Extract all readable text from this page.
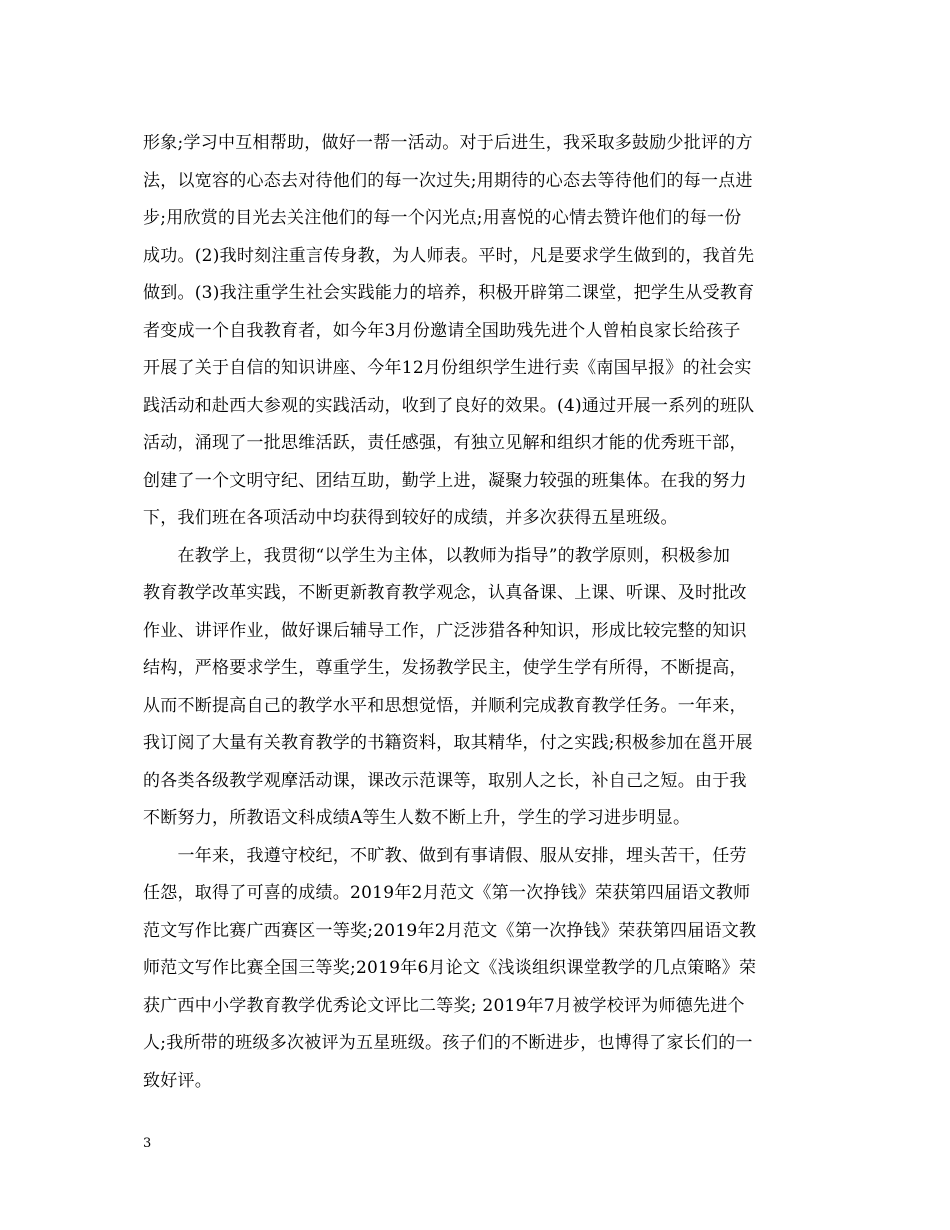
形象;学习中互相帮助，做好一帮一活动。对于后进生，我采取多鼓励少批评的方
法，以宽容的心态去对待他们的每一次过失;用期待的心态去等待他们的每一点进
步;用欣赏的目光去关注他们的每一个闪光点;用喜悦的心情去赞许他们的每一份
成功。(2)我时刻注重言传身教，为人师表。平时，凡是要求学生做到的，我首先
做到。(3)我注重学生社会实践能力的培养，积极开辟第二课堂，把学生从受教育
者变成一个自我教育者，如今年3月份邀请全国助残先进个人曾柏良家长给孩子
开展了关于自信的知识讲座、今年12月份组织学生进行卖《南国早报》的社会实
践活动和赴西大参观的实践活动，收到了良好的效果。(4)通过开展一系列的班队
活动，涌现了一批思维活跃，责任感强，有独立见解和组织才能的优秀班干部，
创建了一个文明守纪、团结互助，勤学上进，凝聚力较强的班集体。在我的努力
下，我们班在各项活动中均获得到较好的成绩，并多次获得五星班级。
　　在教学上，我贯彻“以学生为主体，以教师为指导”的教学原则，积极参加
教育教学改革实践，不断更新教育教学观念，认真备课、上课、听课、及时批改
作业、讲评作业，做好课后辅导工作，广泛涉猎各种知识，形成比较完整的知识
结构，严格要求学生，尊重学生，发扬教学民主，使学生学有所得，不断提高，
从而不断提高自己的教学水平和思想觉悟，并顺利完成教育教学任务。一年来，
我订阅了大量有关教育教学的书籍资料，取其精华，付之实践;积极参加在邕开展
的各类各级教学观摩活动课，课改示范课等，取别人之长，补自己之短。由于我
不断努力，所教语文科成绩A等生人数不断上升，学生的学习进步明显。
　　一年来，我遵守校纪，不旷教、做到有事请假、服从安排，埋头苦干，任劳
任怨，取得了可喜的成绩。2019年2月范文《第一次挣钱》荣获第四届语文教师
范文写作比赛广西赛区一等奖;2019年2月范文《第一次挣钱》荣获第四届语文教
师范文写作比赛全国三等奖;2019年6月论文《浅谈组织课堂教学的几点策略》荣
获广西中小学教育教学优秀论文评比二等奖; 2019年7月被学校评为师德先进个
人;我所带的班级多次被评为五星班级。孩子们的不断进步，也博得了家长们的一
致好评。
3
